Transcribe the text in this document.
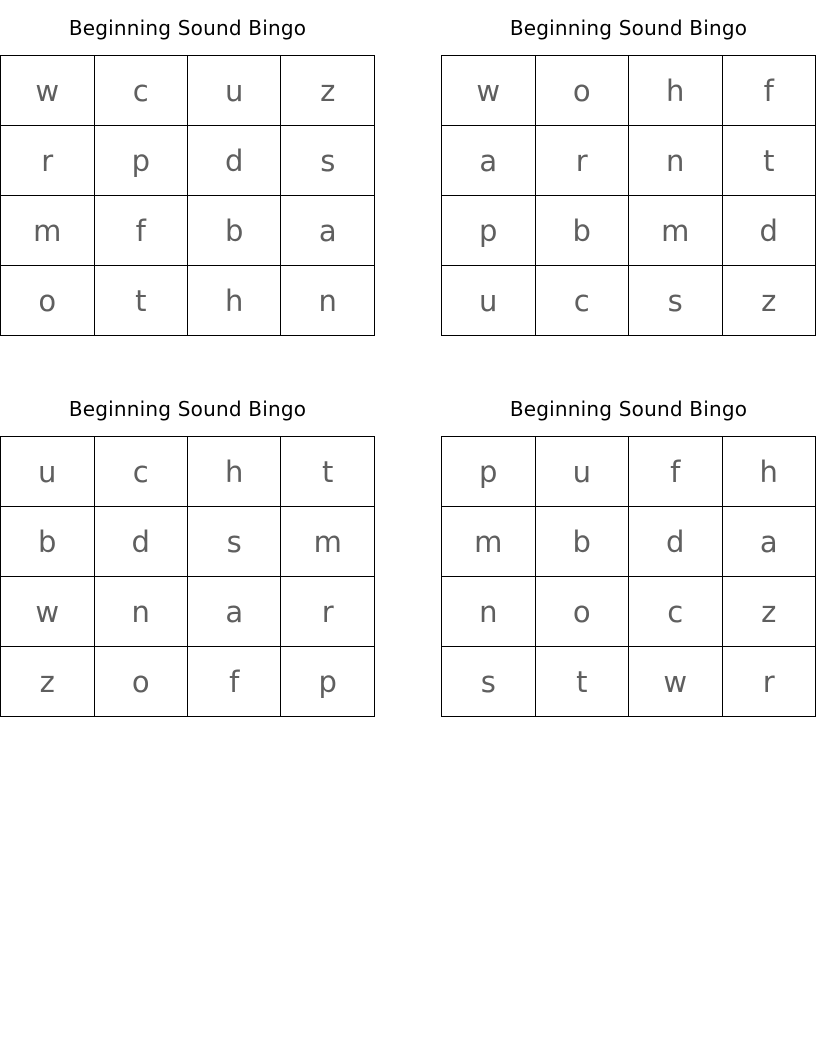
Beginning Sound Bingo
w	c	u	z
r	p	d	s
m	f	b	a
o	t	h	n
Beginning Sound Bingo
w	o	h	f
a	r	n	t
p	b	m	d
u	c	s	z
Beginning Sound Bingo
u	c	h	t
b	d	s	m
w	n	a	r
z	o	f	p
Beginning Sound Bingo
p	u	f	h
m	b	d	a
n	o	c	z
s	t	w	r
